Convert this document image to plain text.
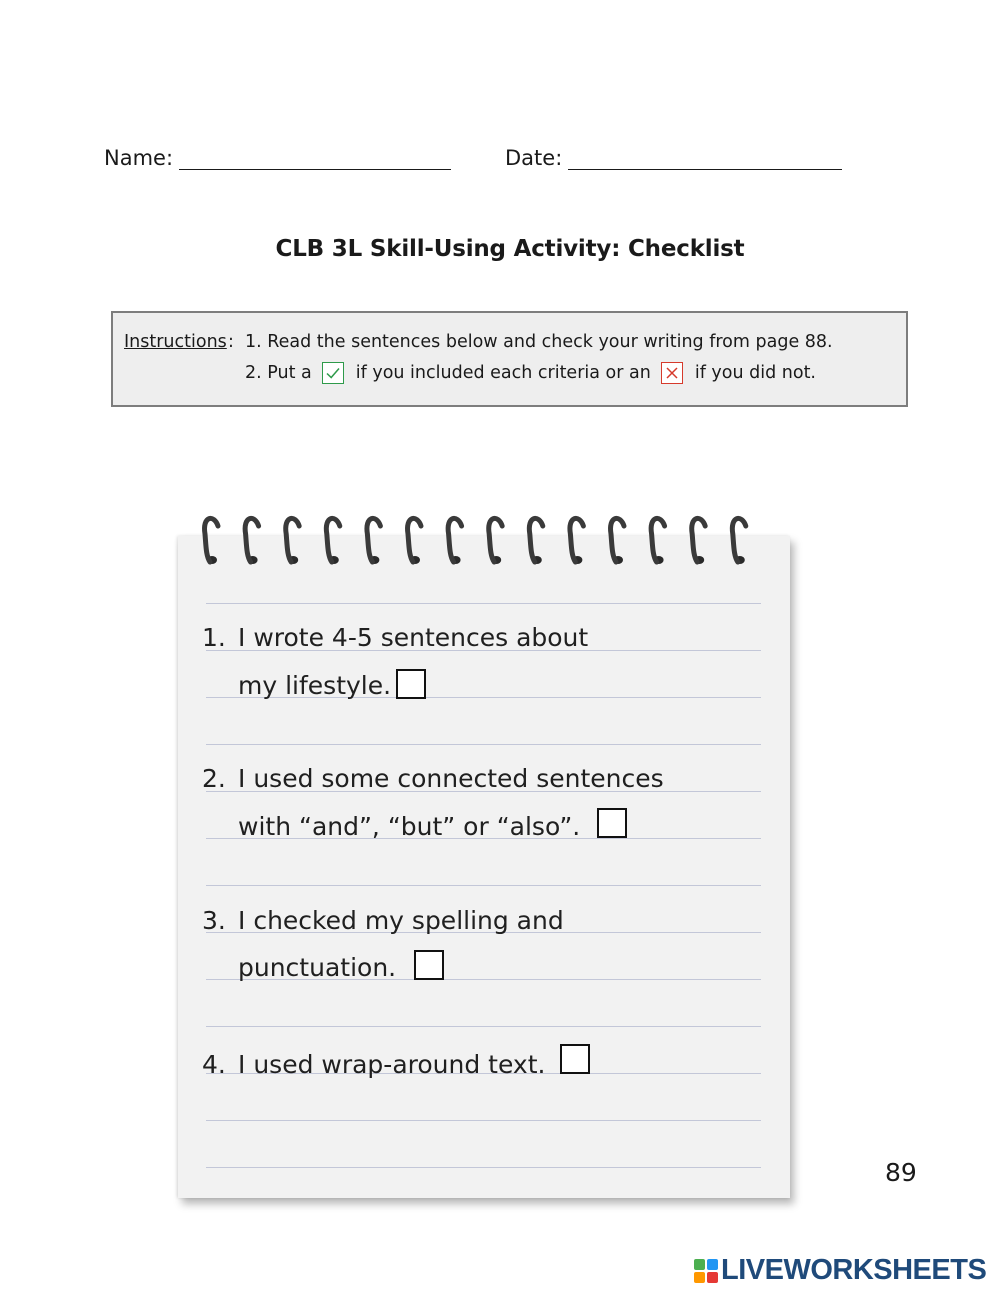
Name:	Date:
CLB 3L Skill-Using Activity: Checklist
Instructions : 1. Read the sentences below and check your writing from page 88.
2. Put a	if you included each criteria or an	if you did not.
1. I wrote 4-5 sentences about
my lifestyle.
2. I used some connected sentences
with “and”, “but” or “also”.
3. I checked my spelling and
punctuation.
4. I used wrap-around text.
89
LIVEWORKSHEETS
